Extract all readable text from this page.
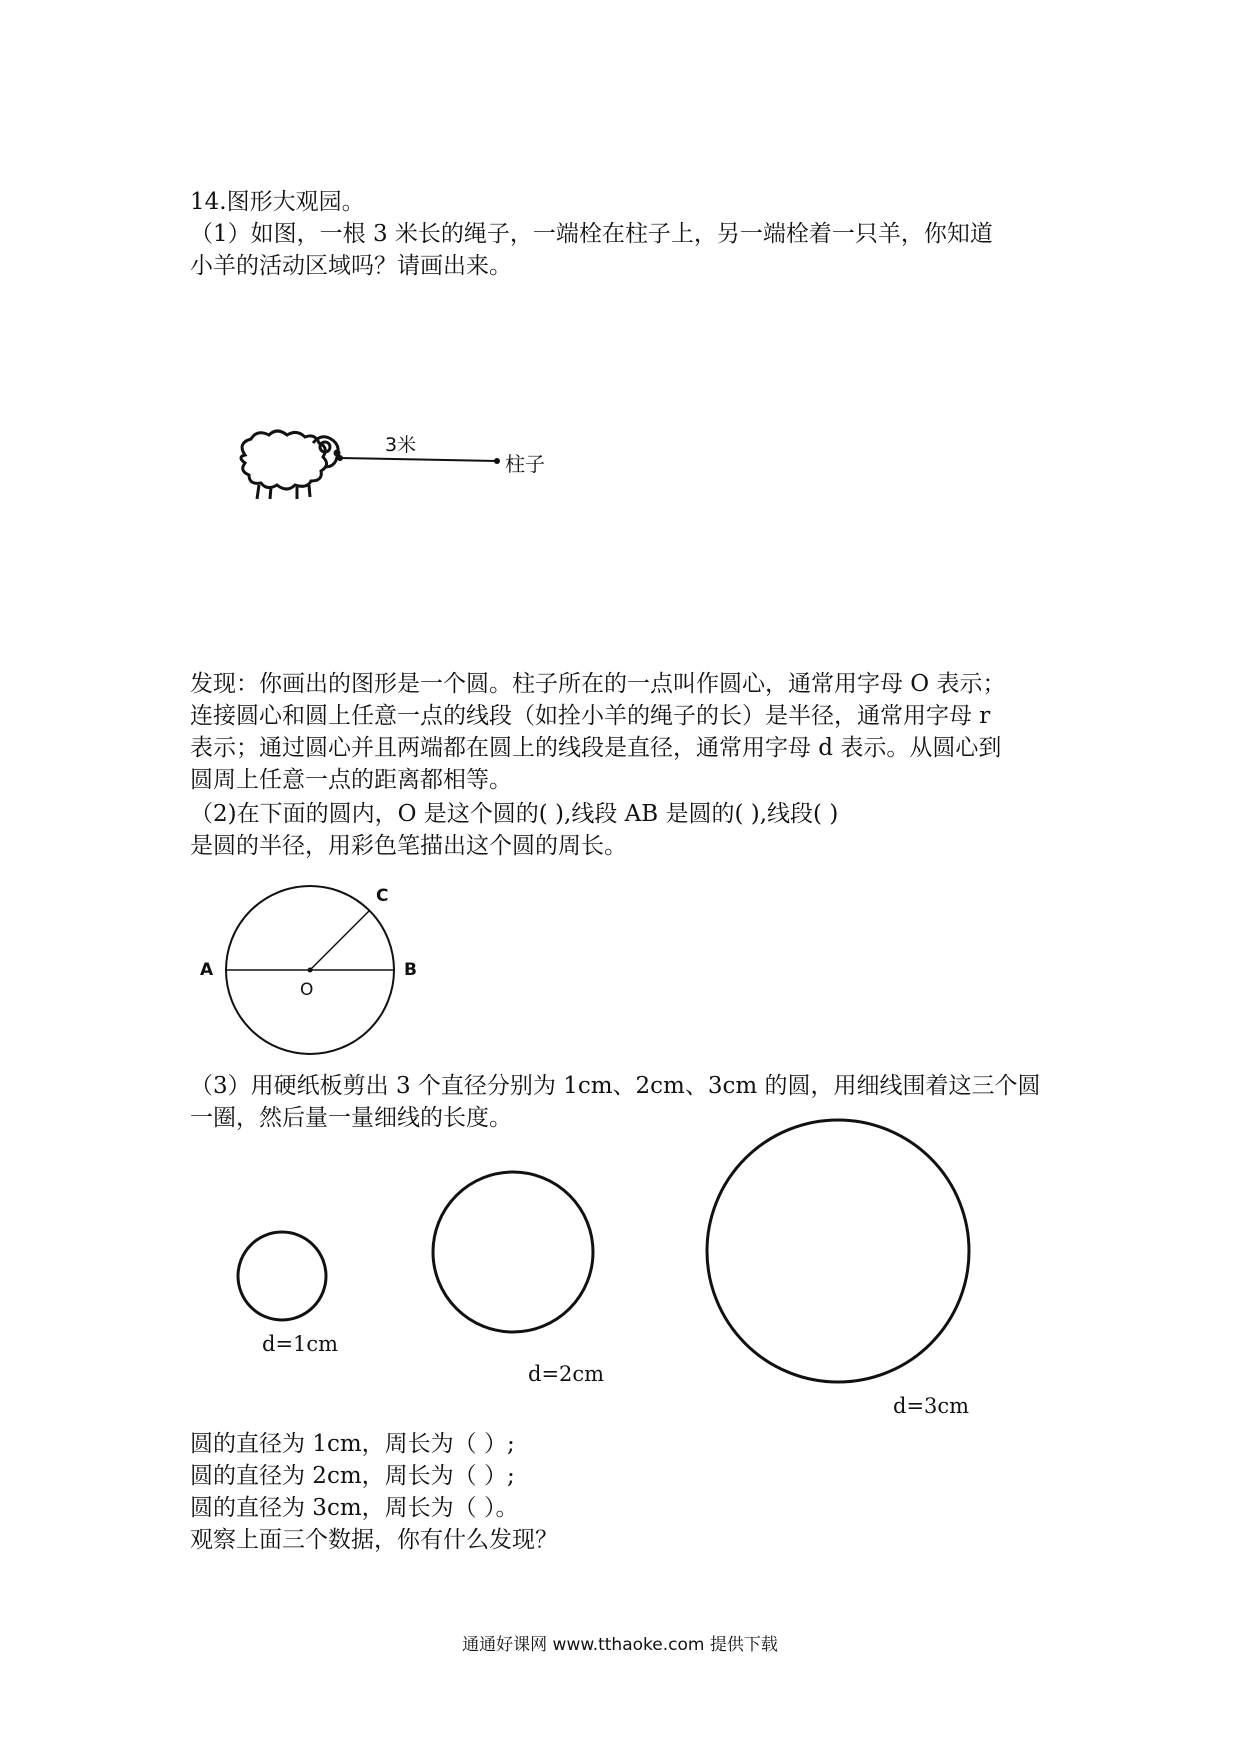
14.图形大观园。
（1）如图，一根 3 米长的绳子，一端栓在柱子上，另一端栓着一只羊，你知道
小羊的活动区域吗？请画出来。
3米
柱子
发现：你画出的图形是一个圆。柱子所在的一点叫作圆心，通常用字母 O 表示；
连接圆心和圆上任意一点的线段（如拴小羊的绳子的长）是半径，通常用字母 r
表示；通过圆心并且两端都在圆上的线段是直径，通常用字母 d 表示。从圆心到
圆周上任意一点的距离都相等。
（2)在下面的圆内，O 是这个圆的( ),线段 AB 是圆的( ),线段( )
是圆的半径，用彩色笔描出这个圆的周长。
A	B
C
O
（3）用硬纸板剪出 3 个直径分别为 1cm、2cm、3cm 的圆，用细线围着这三个圆
一圈，然后量一量细线的长度。
d=1cm
d=2cm
d=3cm
圆的直径为 1cm，周长为（ ）;
圆的直径为 2cm，周长为（ ）;
圆的直径为 3cm，周长为（ ）。
观察上面三个数据，你有什么发现？
通通好课网 www.tthaoke.com 提供下载
